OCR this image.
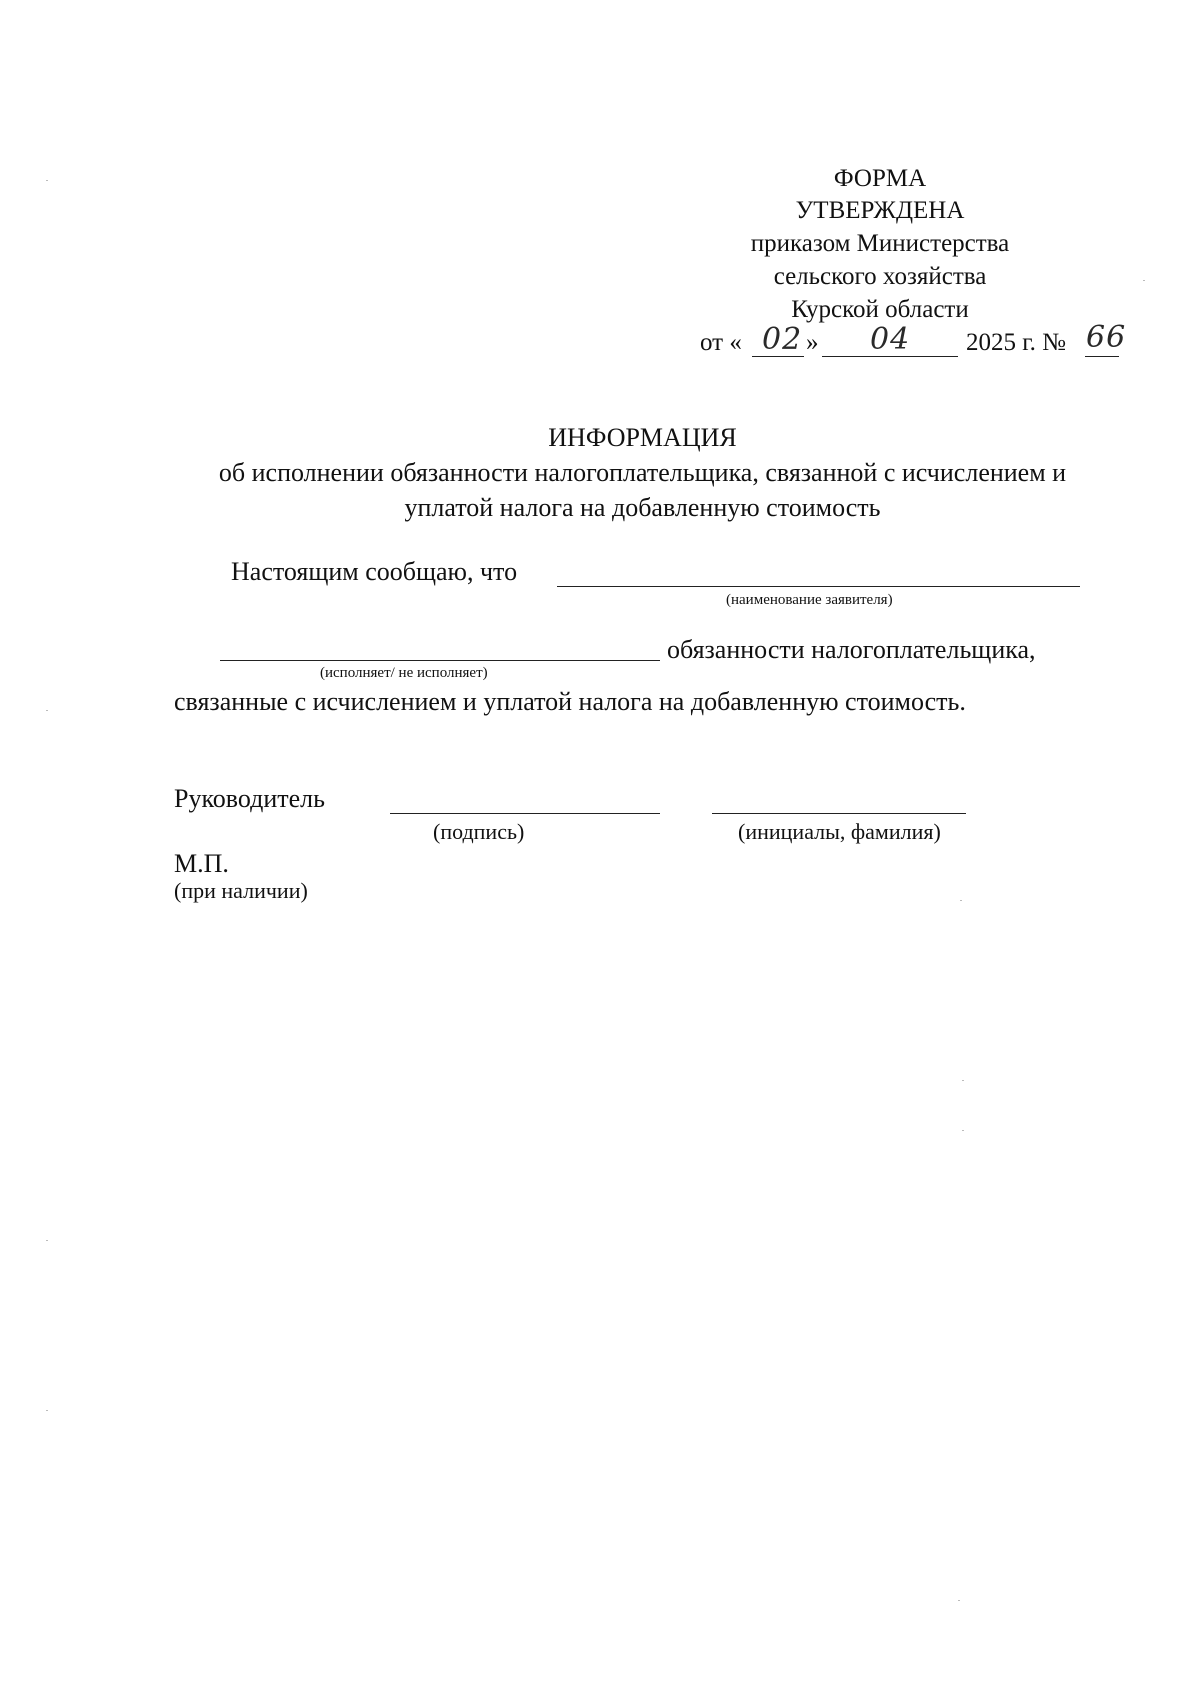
ФОРМА
УТВЕРЖДЕНА
приказом Министерства
сельского хозяйства
Курской области
от « 02 » 04 2025 г. № 66
ИНФОРМАЦИЯ
об исполнении обязанности налогоплательщика, связанной с исчислением и
уплатой налога на добавленную стоимость
Настоящим сообщаю, что
(наименование заявителя)
обязанности налогоплательщика,
(исполняет/ не исполняет)
связанные с исчислением и уплатой налога на добавленную стоимость.
Руководитель
(подпись)	(инициалы, фамилия)
М.П.
(при наличии)
